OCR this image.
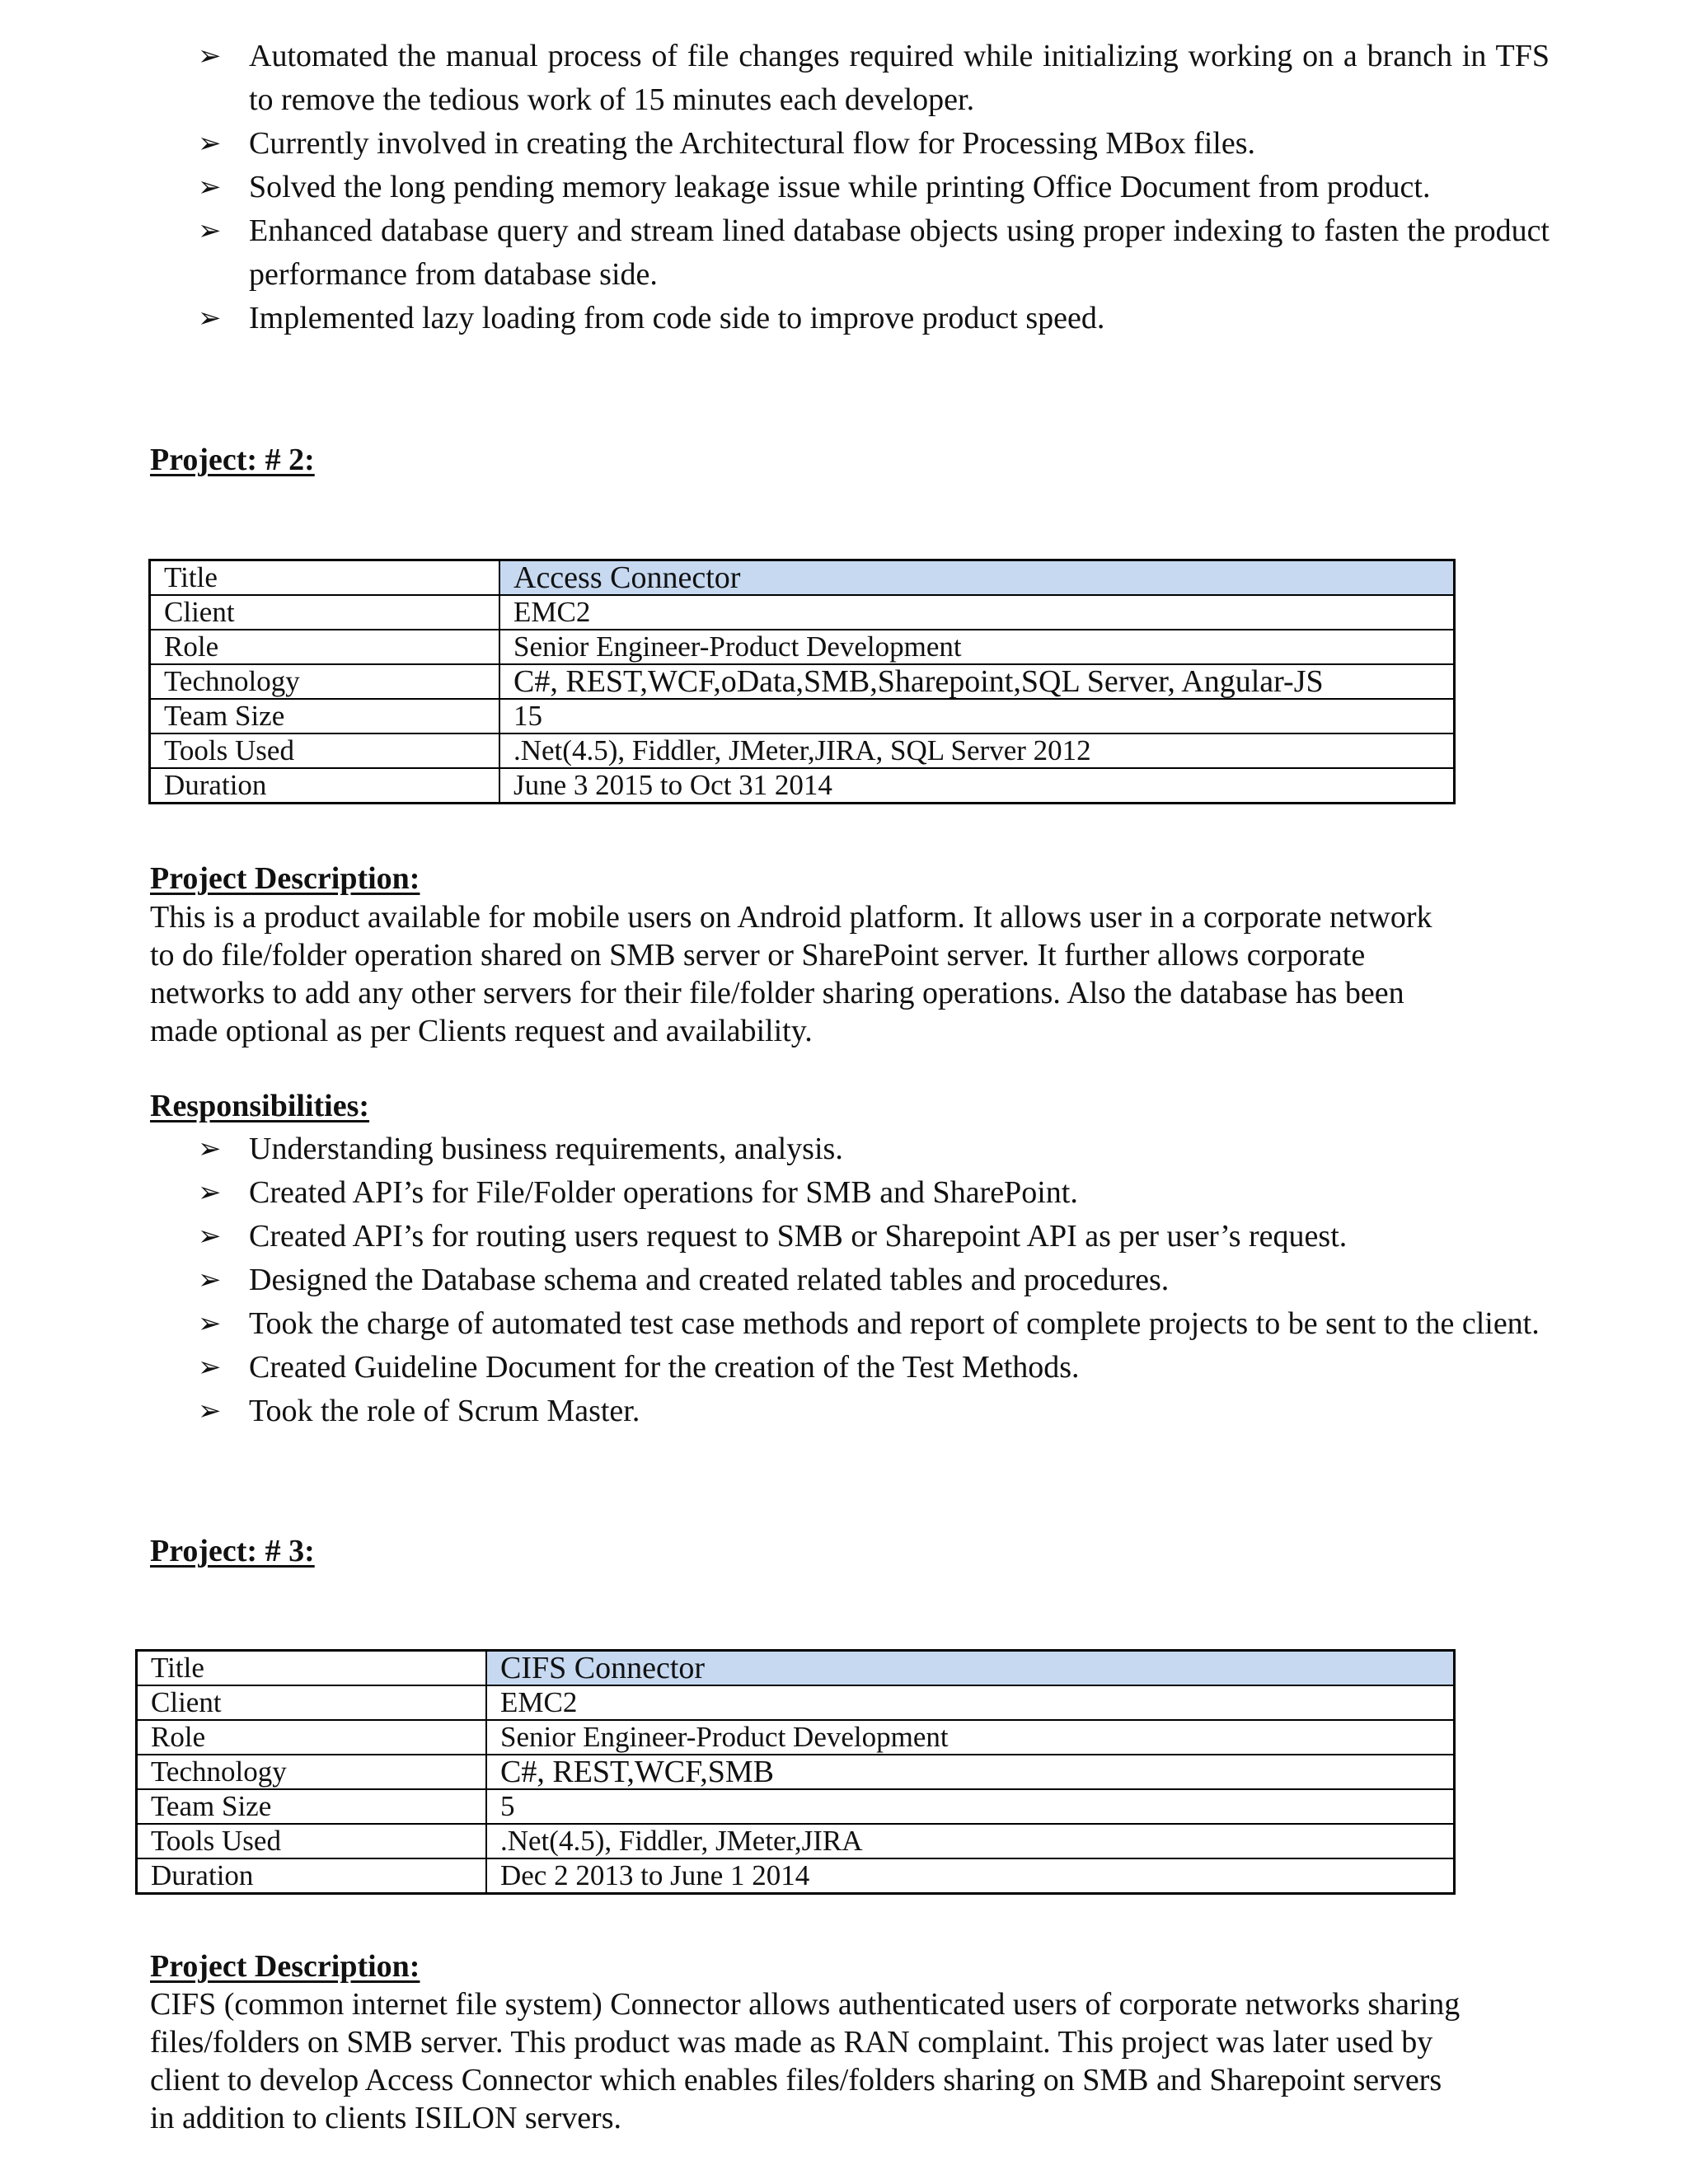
➢ Automated the manual process of file changes required while initializing working on a branch in TFS to remove the tedious work of 15 minutes each developer.
➢ Currently involved in creating the Architectural flow for Processing MBox files.
➢ Solved the long pending memory leakage issue while printing Office Document from product.
➢ Enhanced database query and stream lined database objects using proper indexing to fasten the product performance from database side.
➢ Implemented lazy loading from code side to improve product speed.
Project: # 2:
Title	Access Connector
Client	EMC2
Role	Senior Engineer-Product Development
Technology	C#, REST,WCF,oData,SMB,Sharepoint,SQL Server, Angular-JS
Team Size	15
Tools Used	.Net(4.5), Fiddler, JMeter,JIRA, SQL Server 2012
Duration	June 3 2015 to Oct 31 2014
Project Description:

This is a product available for mobile users on Android platform. It allows user in a corporate network
to do file/folder operation shared on SMB server or SharePoint server. It further allows corporate
networks to add any other servers for their file/folder sharing operations. Also the database has been
made optional as per Clients request and availability.

Responsibilities:
➢ Understanding business requirements, analysis.
➢ Created API’s for File/Folder operations for SMB and SharePoint.
➢ Created API’s for routing users request to SMB or Sharepoint API as per user’s request.
➢ Designed the Database schema and created related tables and procedures.
➢ Took the charge of automated test case methods and report of complete projects to be sent to the client.
➢ Created Guideline Document for the creation of the Test Methods.
➢ Took the role of Scrum Master.
Project: # 3:
Title	CIFS Connector
Client	EMC2
Role	Senior Engineer-Product Development
Technology	C#, REST,WCF,SMB
Team Size	5
Tools Used	.Net(4.5), Fiddler, JMeter,JIRA
Duration	Dec 2 2013 to June 1 2014
Project Description:

CIFS (common internet file system) Connector allows authenticated users of corporate networks sharing
files/folders on SMB server. This product was made as RAN complaint. This project was later used by
client to develop Access Connector which enables files/folders sharing on SMB and Sharepoint servers
in addition to clients ISILON servers.
